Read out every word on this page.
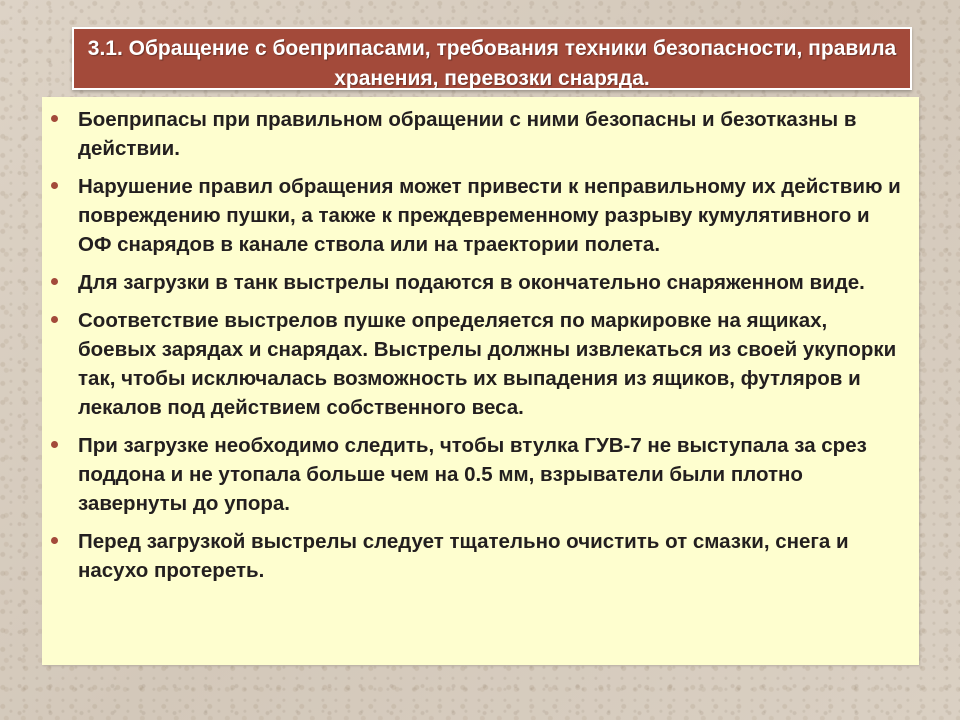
3.1. Обращение с боеприпасами, требования техники безопасности, правила хранения, перевозки снаряда.

Боеприпасы при правильном обращении с ними безопасны и безотказны в действии.
Нарушение правил обращения может привести к неправильному их действию и повреждению пушки, а также к преждевременному разрыву кумулятивного и ОФ снарядов в канале ствола или на траектории полета.
Для загрузки в танк выстрелы подаются в окончательно снаряженном виде.
Соответствие выстрелов пушке определяется по маркировке на ящиках, боевых зарядах и снарядах. Выстрелы должны извлекаться из своей укупорки так, чтобы исключалась возможность их выпадения из ящиков, футляров и лекалов под действием собственного веса.
При загрузке необходимо следить, чтобы втулка ГУВ-7 не выступала за срез поддона и не утопала больше чем на 0.5 мм, взрыватели были плотно завернуты до упора.
Перед загрузкой выстрелы следует тщательно очистить от смазки, снега и насухо протереть.
